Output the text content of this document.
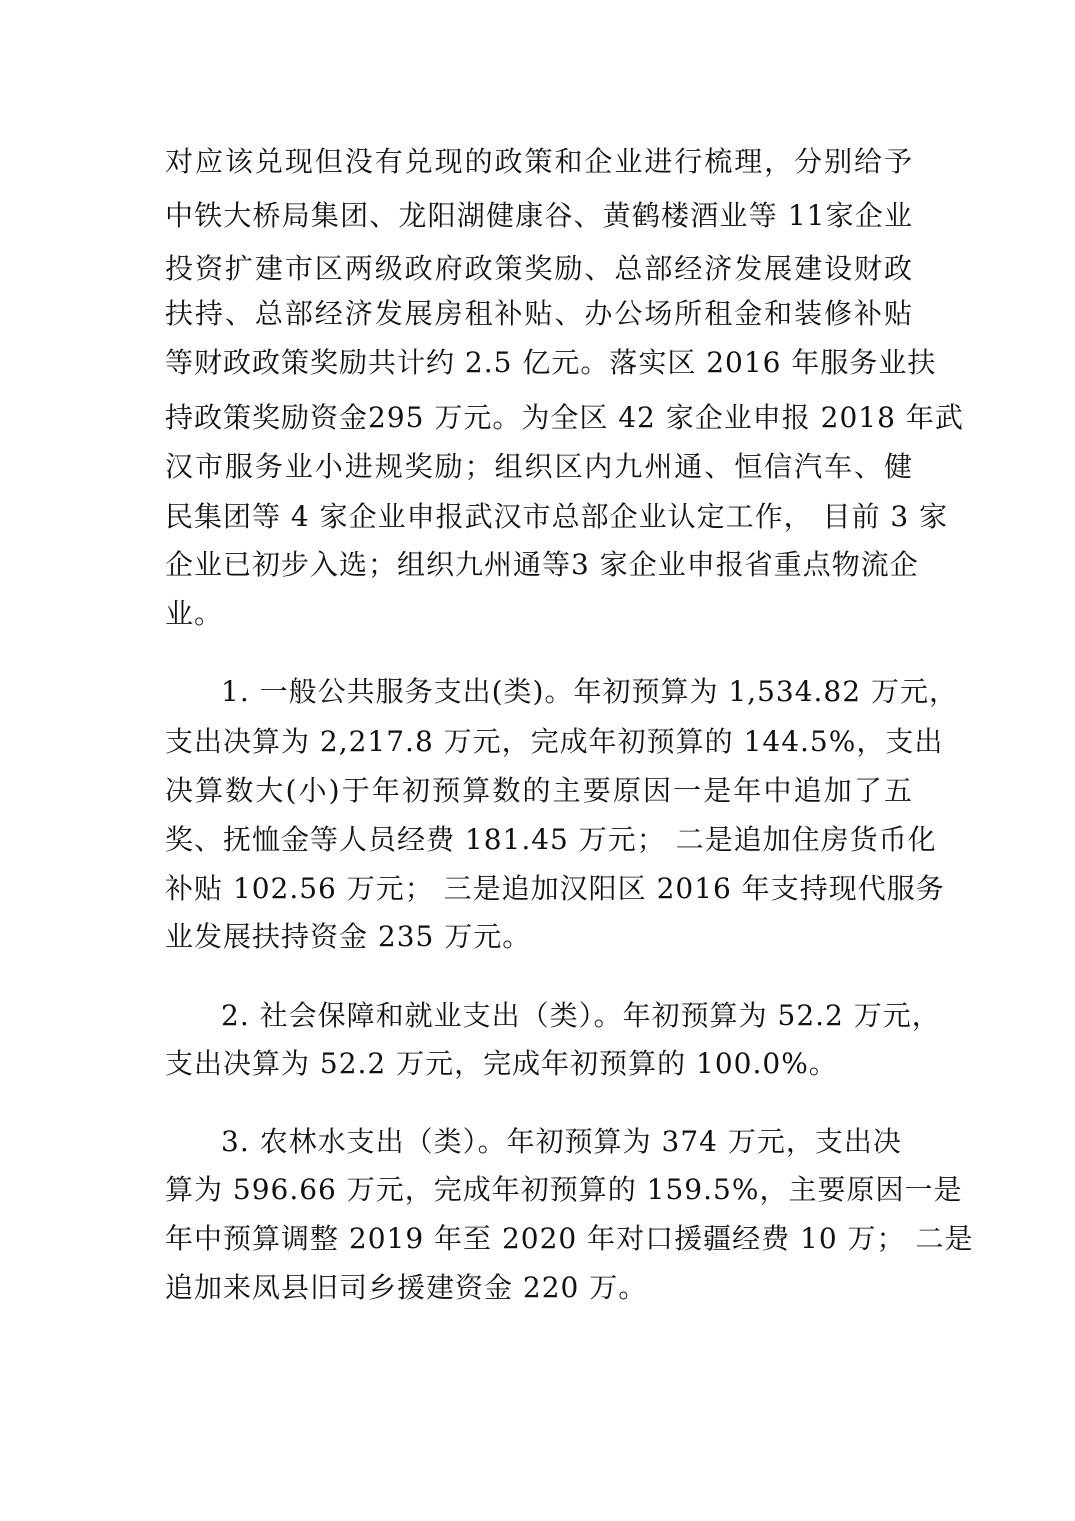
对应该兑现但没有兑现的政策和企业进行梳理，分别给予
中铁大桥局集团、龙阳湖健康谷、黄鹤楼酒业等 11家企业
投资扩建市区两级政府政策奖励、总部经济发展建设财政
扶持、总部经济发展房租补贴、办公场所租金和装修补贴
等财政政策奖励共计约 2.5 亿元。落实区 2016 年服务业扶
持政策奖励资金295 万元。为全区 42 家企业申报 2018 年武
汉市服务业小进规奖励；组织区内九州通、恒信汽车、健
民集团等 4 家企业申报武汉市总部企业认定工作， 目前 3 家
企业已初步入选；组织九州通等3 家企业申报省重点物流企
业。
1. 一般公共服务支出(类)。年初预算为 1,534.82 万元，
支出决算为 2,217.8 万元，完成年初预算的 144.5%，支出
决算数大(小)于年初预算数的主要原因一是年中追加了五
奖、抚恤金等人员经费 181.45 万元； 二是追加住房货币化
补贴 102.56 万元； 三是追加汉阳区 2016 年支持现代服务
业发展扶持资金 235 万元。
2. 社会保障和就业支出（类）。年初预算为 52.2 万元，
支出决算为 52.2 万元，完成年初预算的 100.0%。
3. 农林水支出（类）。年初预算为 374 万元，支出决
算为 596.66 万元，完成年初预算的 159.5%，主要原因一是
年中预算调整 2019 年至 2020 年对口援疆经费 10 万； 二是
追加来凤县旧司乡援建资金 220 万。
